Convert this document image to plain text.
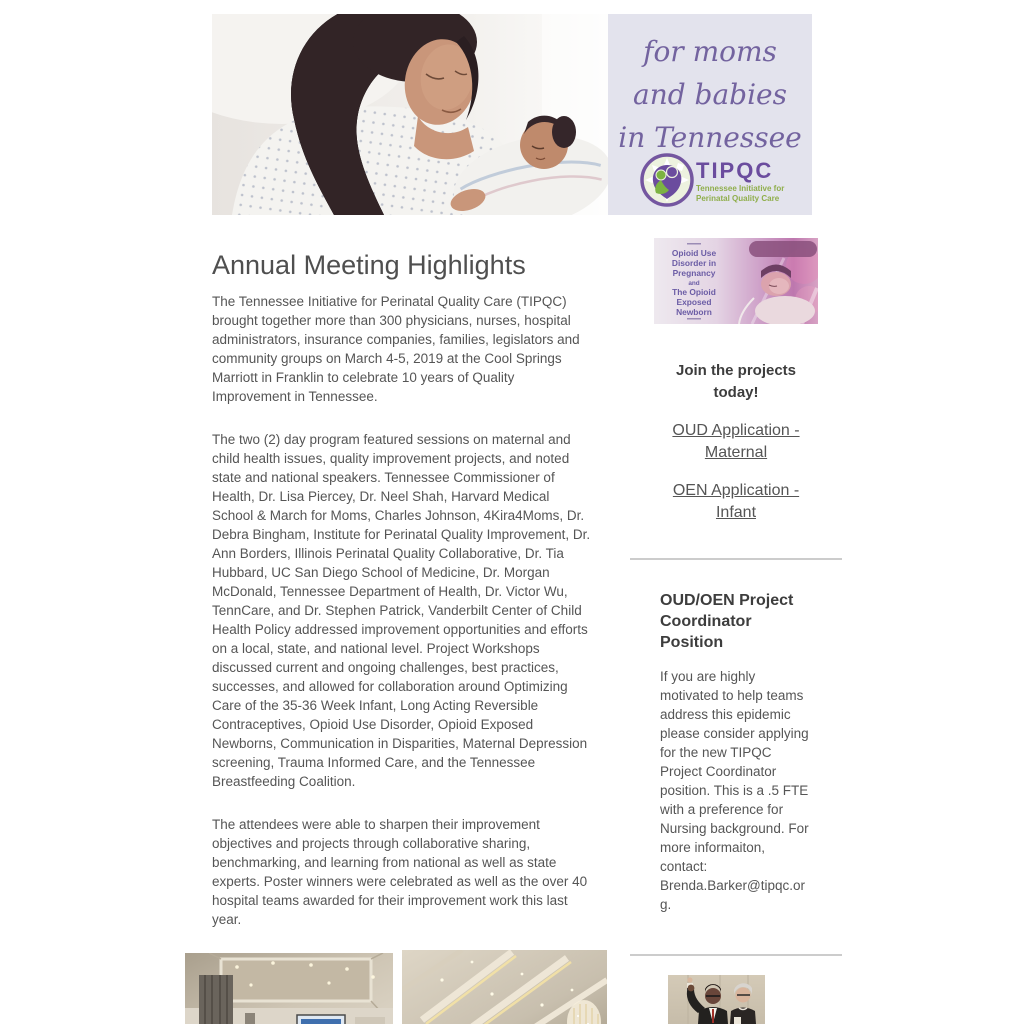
for moms
and babies
in Tennessee
TIPQC
Tennessee Initiative for
Perinatal Quality Care
Annual Meeting Highlights

The Tennessee Initiative for Perinatal Quality Care (TIPQC) brought together more than 300 physicians, nurses, hospital administrators, insurance companies, families, legislators and community groups on March 4-5, 2019 at the Cool Springs Marriott in Franklin to celebrate 10 years of Quality Improvement in Tennessee.

The two (2) day program featured sessions on maternal and child health issues, quality improvement projects, and noted state and national speakers. Tennessee Commissioner of Health, Dr. Lisa Piercey, Dr. Neel Shah, Harvard Medical School & March for Moms, Charles Johnson, 4Kira4Moms, Dr. Debra Bingham, Institute for Perinatal Quality Improvement, Dr. Ann Borders, Illinois Perinatal Quality Collaborative, Dr. Tia Hubbard, UC San Diego School of Medicine, Dr. Morgan McDonald, Tennessee Department of Health, Dr. Victor Wu, TennCare, and Dr. Stephen Patrick, Vanderbilt Center of Child Health Policy addressed improvement opportunities and efforts on a local, state, and national level. Project Workshops discussed current and ongoing challenges, best practices, successes, and allowed for collaboration around Optimizing Care of the 35-36 Week Infant, Long Acting Reversible Contraceptives, Opioid Use Disorder, Opioid Exposed Newborns, Communication in Disparities, Maternal Depression screening, Trauma Informed Care, and the Tennessee Breastfeeding Coalition.

The attendees were able to sharpen their improvement objectives and projects through collaborative sharing, benchmarking, and learning from national as well as state experts. Poster winners were celebrated as well as the over 40 hospital teams awarded for their improvement work this last year.

Opioid Use
Disorder in
Pregnancy
and
The Opioid
Exposed
Newborn
Join the projects today!
OUD Application - Maternal
OEN Application - Infant
OUD/OEN Project Coordinator Position

If you are highly motivated to help teams address this epidemic please consider applying for the new TIPQC Project Coordinator position. This is a .5 FTE with a preference for Nursing background. For more informaiton, contact: Brenda.Barker@tipqc.org.
